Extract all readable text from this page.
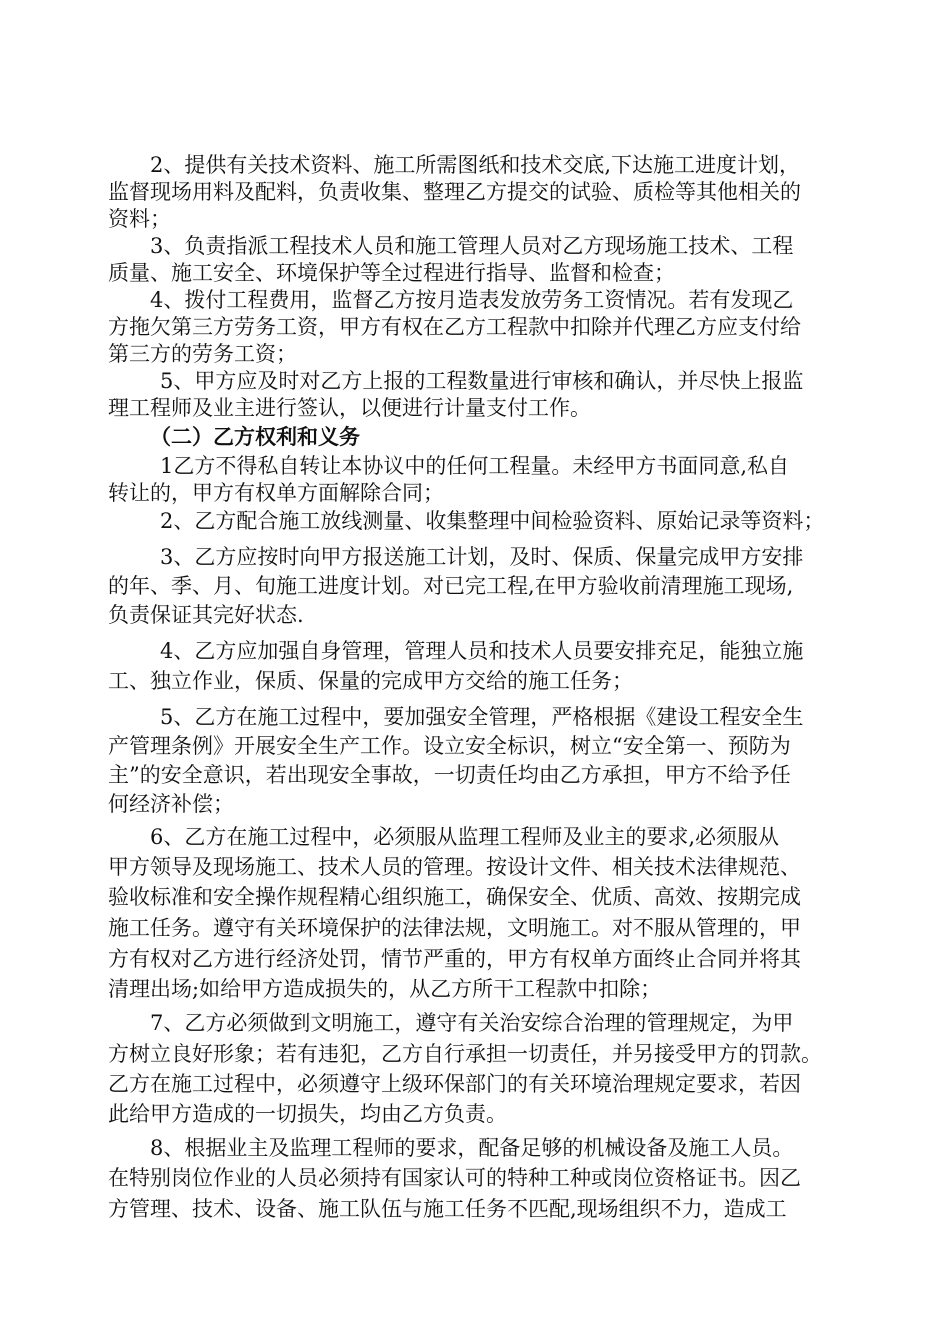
2、提供有关技术资料、施工所需图纸和技术交底,下达施工进度计划，
监督现场用料及配料，负责收集、整理乙方提交的试验、质检等其他相关的
资料；
3、负责指派工程技术人员和施工管理人员对乙方现场施工技术、工程
质量、施工安全、环境保护等全过程进行指导、监督和检查；
4、拨付工程费用，监督乙方按月造表发放劳务工资情况。若有发现乙
方拖欠第三方劳务工资，甲方有权在乙方工程款中扣除并代理乙方应支付给
第三方的劳务工资；
5、甲方应及时对乙方上报的工程数量进行审核和确认，并尽快上报监
理工程师及业主进行签认，以便进行计量支付工作。
（二）乙方权利和义务
1乙方不得私自转让本协议中的任何工程量。未经甲方书面同意,私自
转让的，甲方有权单方面解除合同；
2、乙方配合施工放线测量、收集整理中间检验资料、原始记录等资料；
3、乙方应按时向甲方报送施工计划，及时、保质、保量完成甲方安排
的年、季、月、旬施工进度计划。对已完工程,在甲方验收前清理施工现场,
负责保证其完好状态.
4、乙方应加强自身管理，管理人员和技术人员要安排充足，能独立施
工、独立作业，保质、保量的完成甲方交给的施工任务；
5、乙方在施工过程中，要加强安全管理，严格根据《建设工程安全生
产管理条例》开展安全生产工作。设立安全标识，树立“安全第一、预防为
主”的安全意识，若出现安全事故，一切责任均由乙方承担，甲方不给予任
何经济补偿；
6、乙方在施工过程中，必须服从监理工程师及业主的要求,必须服从
甲方领导及现场施工、技术人员的管理。按设计文件、相关技术法律规范、
验收标准和安全操作规程精心组织施工，确保安全、优质、高效、按期完成
施工任务。遵守有关环境保护的法律法规，文明施工。对不服从管理的，甲
方有权对乙方进行经济处罚，情节严重的，甲方有权单方面终止合同并将其
清理出场;如给甲方造成损失的，从乙方所干工程款中扣除；
7、乙方必须做到文明施工，遵守有关治安综合治理的管理规定，为甲
方树立良好形象；若有违犯，乙方自行承担一切责任，并另接受甲方的罚款。
乙方在施工过程中，必须遵守上级环保部门的有关环境治理规定要求，若因
此给甲方造成的一切损失，均由乙方负责。
8、根据业主及监理工程师的要求，配备足够的机械设备及施工人员。
在特别岗位作业的人员必须持有国家认可的特种工种或岗位资格证书。因乙
方管理、技术、设备、施工队伍与施工任务不匹配,现场组织不力，造成工
